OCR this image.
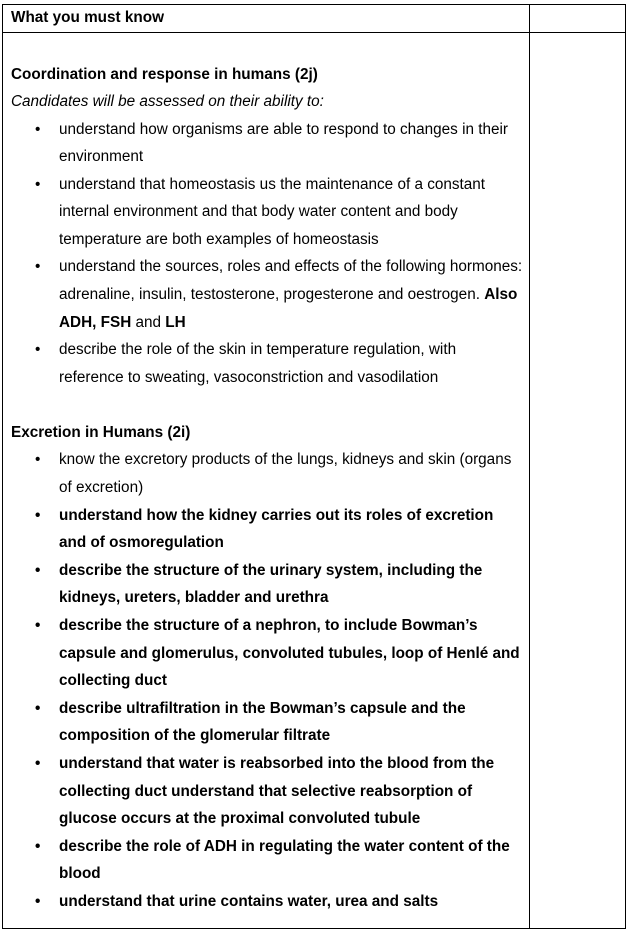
What you must know
Coordination and response in humans (2j)
Candidates will be assessed on their ability to:
• understand how organisms are able to respond to changes in their environment
• understand that homeostasis us the maintenance of a constant internal environment and that body water content and body temperature are both examples of homeostasis
• understand the sources, roles and effects of the following hormones: adrenaline, insulin, testosterone, progesterone and oestrogen. Also ADH, FSH and LH
• describe the role of the skin in temperature regulation, with reference to sweating, vasoconstriction and vasodilation
Excretion in Humans (2i)
• know the excretory products of the lungs, kidneys and skin (organs of excretion)
• understand how the kidney carries out its roles of excretion and of osmoregulation
• describe the structure of the urinary system, including the kidneys, ureters, bladder and urethra
• describe the structure of a nephron, to include Bowman’s capsule and glomerulus, convoluted tubules, loop of Henlé and collecting duct
• describe ultrafiltration in the Bowman’s capsule and the composition of the glomerular filtrate
• understand that water is reabsorbed into the blood from the collecting duct understand that selective reabsorption of glucose occurs at the proximal convoluted tubule
• describe the role of ADH in regulating the water content of the blood
• understand that urine contains water, urea and salts
